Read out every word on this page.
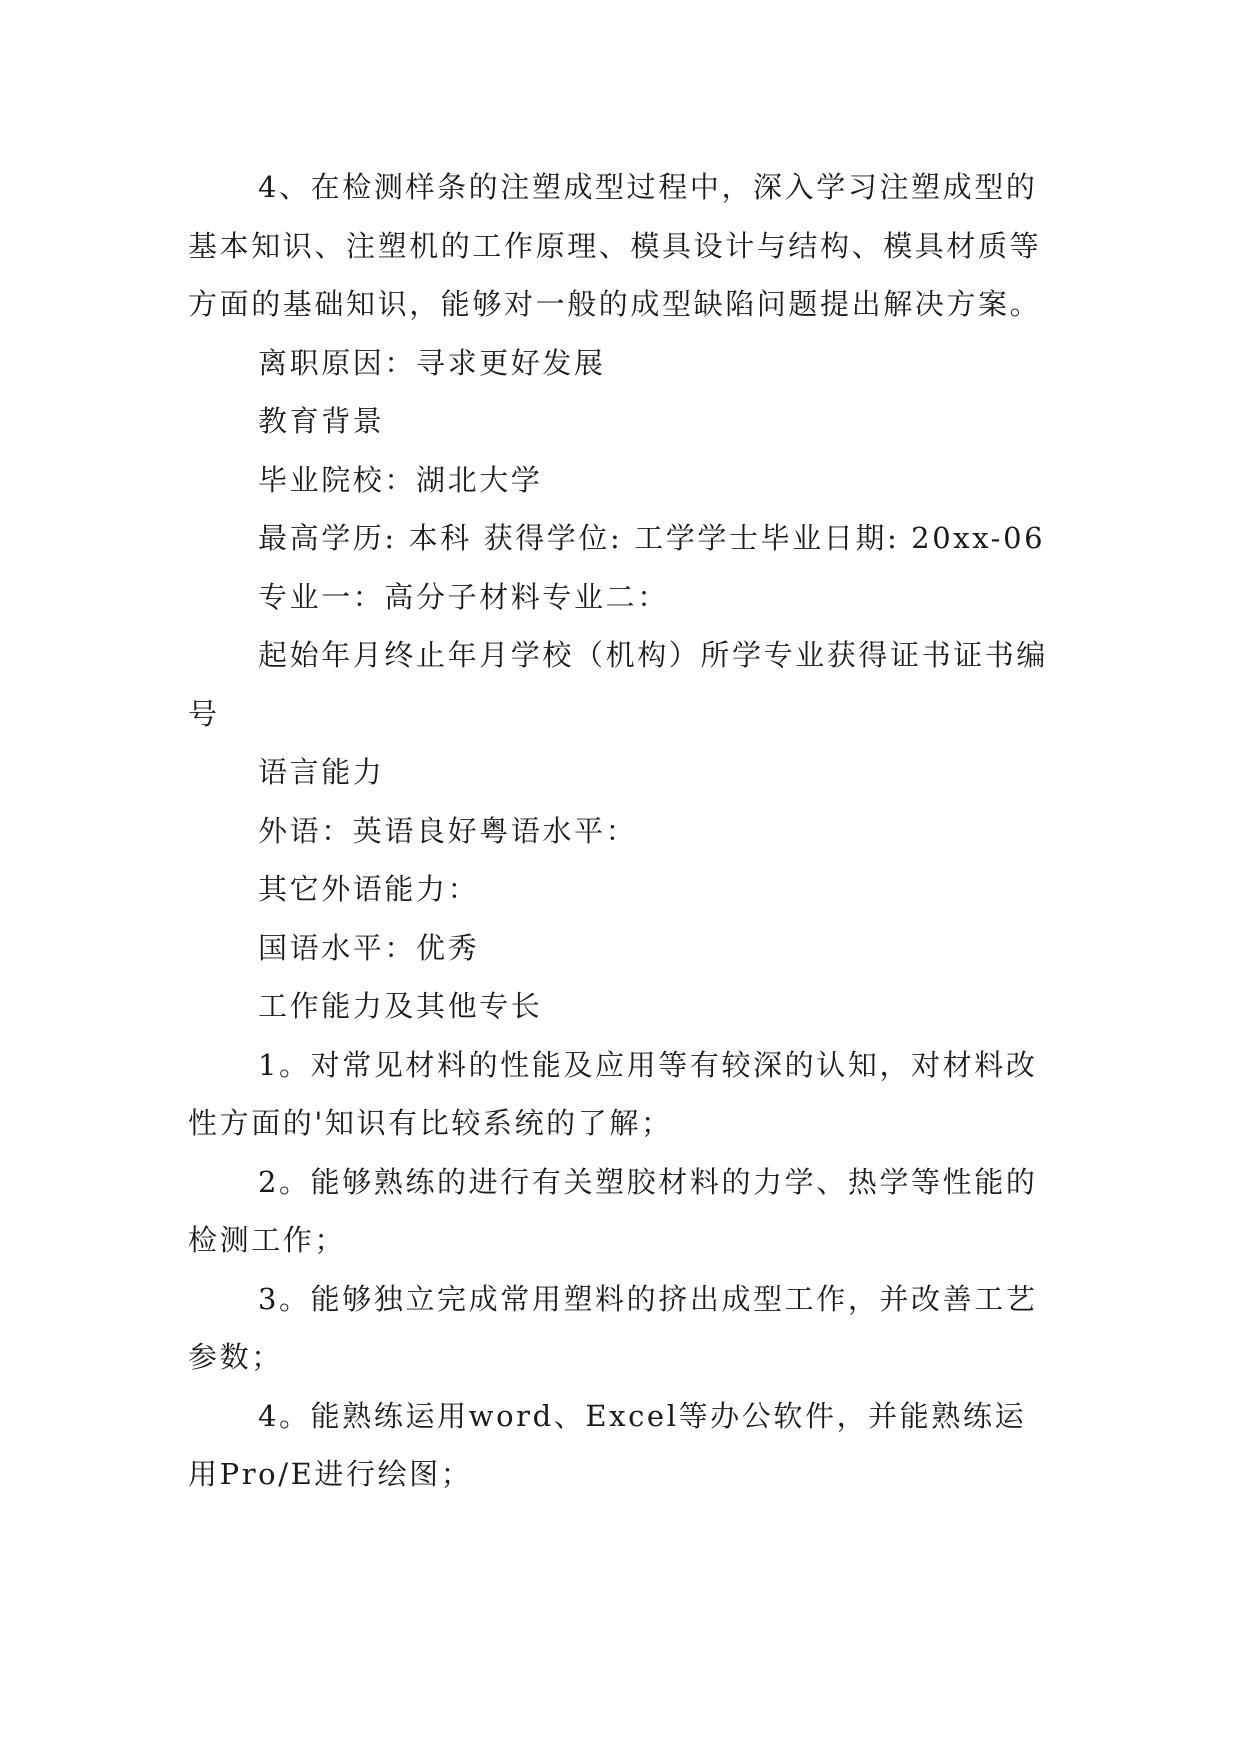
4、在检测样条的注塑成型过程中，深入学习注塑成型的基本知识、注塑机的工作原理、模具设计与结构、模具材质等方面的基础知识，能够对一般的成型缺陷问题提出解决方案。

离职原因：寻求更好发展

教育背景

毕业院校：湖北大学

最高学历: 本科 获得学位: 工学学士毕业日期: 20xx-06

专业一：高分子材料专业二：

起始年月终止年月学校（机构）所学专业获得证书证书编号

语言能力

外语：英语良好粤语水平：

其它外语能力：

国语水平：优秀

工作能力及其他专长

1。对常见材料的性能及应用等有较深的认知，对材料改性方面的'知识有比较系统的了解；

2。能够熟练的进行有关塑胶材料的力学、热学等性能的检测工作；

3。能够独立完成常用塑料的挤出成型工作，并改善工艺参数；

4。能熟练运用word、Excel等办公软件，并能熟练运用Pro/E进行绘图；
